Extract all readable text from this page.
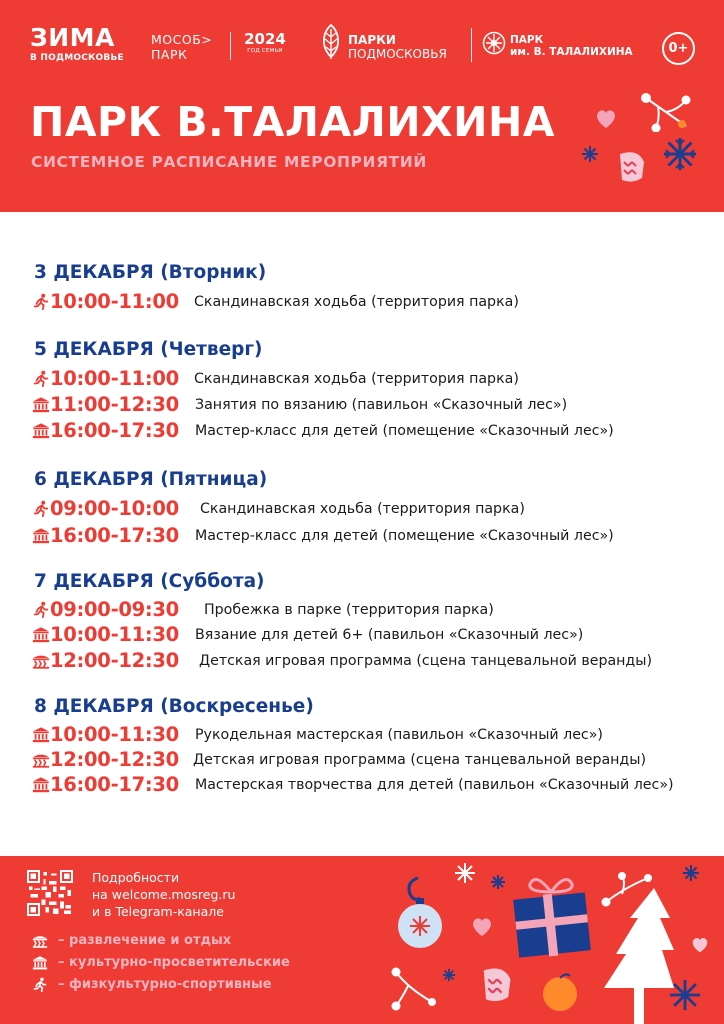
ЗИМА
В ПОДМОСКОВЬЕ
МОСОБ>
ПАРК
2024
ГОД СЕМЬИ
ПАРКИ
ПОДМОСКОВЬЯ
ПАРК
им. В. ТАЛАЛИХИНА	0+
ПАРК В.ТАЛАЛИХИНА
СИСТЕМНОЕ РАСПИСАНИЕ МЕРОПРИЯТИЙ
3 ДЕКАБРЯ (Вторник)
10:00-11:00 Скандинавская ходьба (территория парка)
5 ДЕКАБРЯ (Четверг)
10:00-11:00 Скандинавская ходьба (территория парка)
11:00-12:30 Занятия по вязанию (павильон «Сказочный лес»)
16:00-17:30 Мастер-класс для детей (помещение «Сказочный лес»)
6 ДЕКАБРЯ (Пятница)
09:00-10:00 Скандинавская ходьба (территория парка)
16:00-17:30 Мастер-класс для детей (помещение «Сказочный лес»)
7 ДЕКАБРЯ (Суббота)
09:00-09:30 Пробежка в парке (территория парка)
10:00-11:30 Вязание для детей 6+ (павильон «Сказочный лес»)
12:00-12:30 Детская игровая программа (сцена танцевальной веранды)
8 ДЕКАБРЯ (Воскресенье)
10:00-11:30 Рукодельная мастерская (павильон «Сказочный лес»)
12:00-12:30 Детская игровая программа (сцена танцевальной веранды)
16:00-17:30 Мастерская творчества для детей (павильон «Сказочный лес»)
Подробности
на welcome.mosreg.ru
и в Telegram-канале
– развлечение и отдых
– культурно-просветительские
– физкультурно-спортивные
